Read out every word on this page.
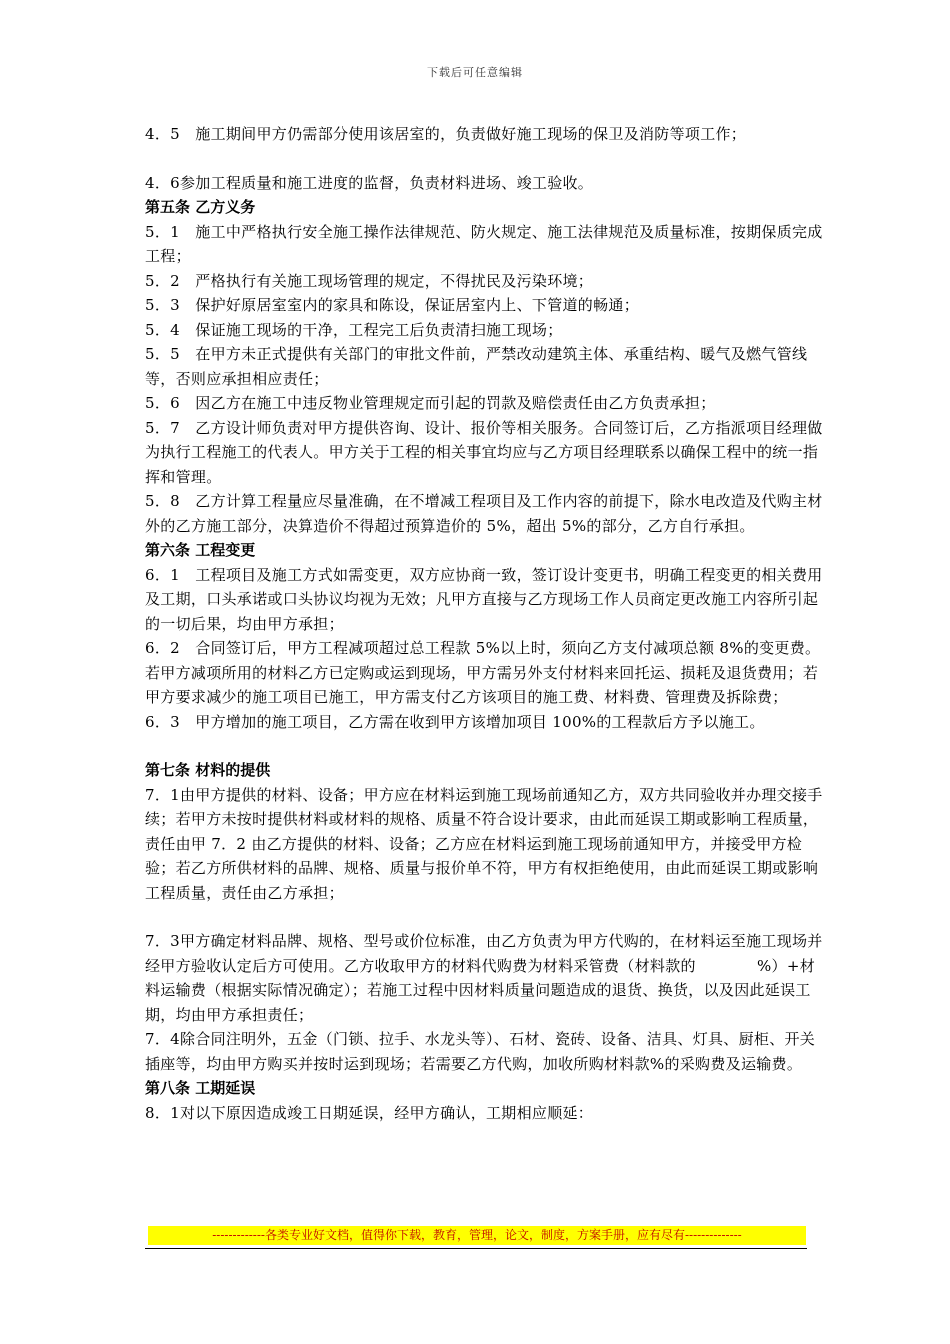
下载后可任意编辑

4．5　施工期间甲方仍需部分使用该居室的，负责做好施工现场的保卫及消防等项工作；

4．6参加工程质量和施工进度的监督，负责材料进场、竣工验收。

第五条 乙方义务

5．1　施工中严格执行安全施工操作法律规范、防火规定、施工法律规范及质量标准，按期保质完成工程；

5．2　严格执行有关施工现场管理的规定，不得扰民及污染环境；

5．3　保护好原居室室内的家具和陈设，保证居室内上、下管道的畅通；

5．4　保证施工现场的干净，工程完工后负责清扫施工现场；

5．5　在甲方未正式提供有关部门的审批文件前，严禁改动建筑主体、承重结构、暖气及燃气管线等，否则应承担相应责任；

5．6　因乙方在施工中违反物业管理规定而引起的罚款及赔偿责任由乙方负责承担；

5．7　乙方设计师负责对甲方提供咨询、设计、报价等相关服务。合同签订后，乙方指派项目经理做为执行工程施工的代表人。甲方关于工程的相关事宜均应与乙方项目经理联系以确保工程中的统一指挥和管理。

5．8　乙方计算工程量应尽量准确，在不增减工程项目及工作内容的前提下，除水电改造及代购主材外的乙方施工部分，决算造价不得超过预算造价的 5%，超出 5%的部分，乙方自行承担。

第六条 工程变更

6．1　工程项目及施工方式如需变更，双方应协商一致，签订设计变更书，明确工程变更的相关费用及工期，口头承诺或口头协议均视为无效；凡甲方直接与乙方现场工作人员商定更改施工内容所引起的一切后果，均由甲方承担；

6．2　合同签订后，甲方工程减项超过总工程款 5%以上时，须向乙方支付减项总额 8%的变更费。若甲方减项所用的材料乙方已定购或运到现场，甲方需另外支付材料来回托运、损耗及退货费用；若甲方要求减少的施工项目已施工，甲方需支付乙方该项目的施工费、材料费、管理费及拆除费；

6．3　甲方增加的施工项目，乙方需在收到甲方该增加项目 100%的工程款后方予以施工。

第七条 材料的提供

7．1由甲方提供的材料、设备；甲方应在材料运到施工现场前通知乙方，双方共同验收并办理交接手续；若甲方未按时提供材料或材料的规格、质量不符合设计要求，由此而延误工期或影响工程质量，责任由甲 7．2 由乙方提供的材料、设备；乙方应在材料运到施工现场前通知甲方，并接受甲方检验；若乙方所供材料的品牌、规格、质量与报价单不符，甲方有权拒绝使用，由此而延误工期或影响工程质量，责任由乙方承担；

7．3甲方确定材料品牌、规格、型号或价位标准，由乙方负责为甲方代购的，在材料运至施工现场并经甲方验收认定后方可使用。乙方收取甲方的材料代购费为材料采管费（材料款的　　　　%）+材料运输费（根据实际情况确定）；若施工过程中因材料质量问题造成的退货、换货，以及因此延误工期，均由甲方承担责任；

7．4除合同注明外，五金（门锁、拉手、水龙头等）、石材、瓷砖、设备、洁具、灯具、厨柜、开关插座等，均由甲方购买并按时运到现场；若需要乙方代购，加收所购材料款%的采购费及运输费。

第八条 工期延误

8．1对以下原因造成竣工日期延误，经甲方确认，工期相应顺延：

-------------各类专业好文档，值得你下载，教育，管理，论文，制度，方案手册，应有尽有--------------
